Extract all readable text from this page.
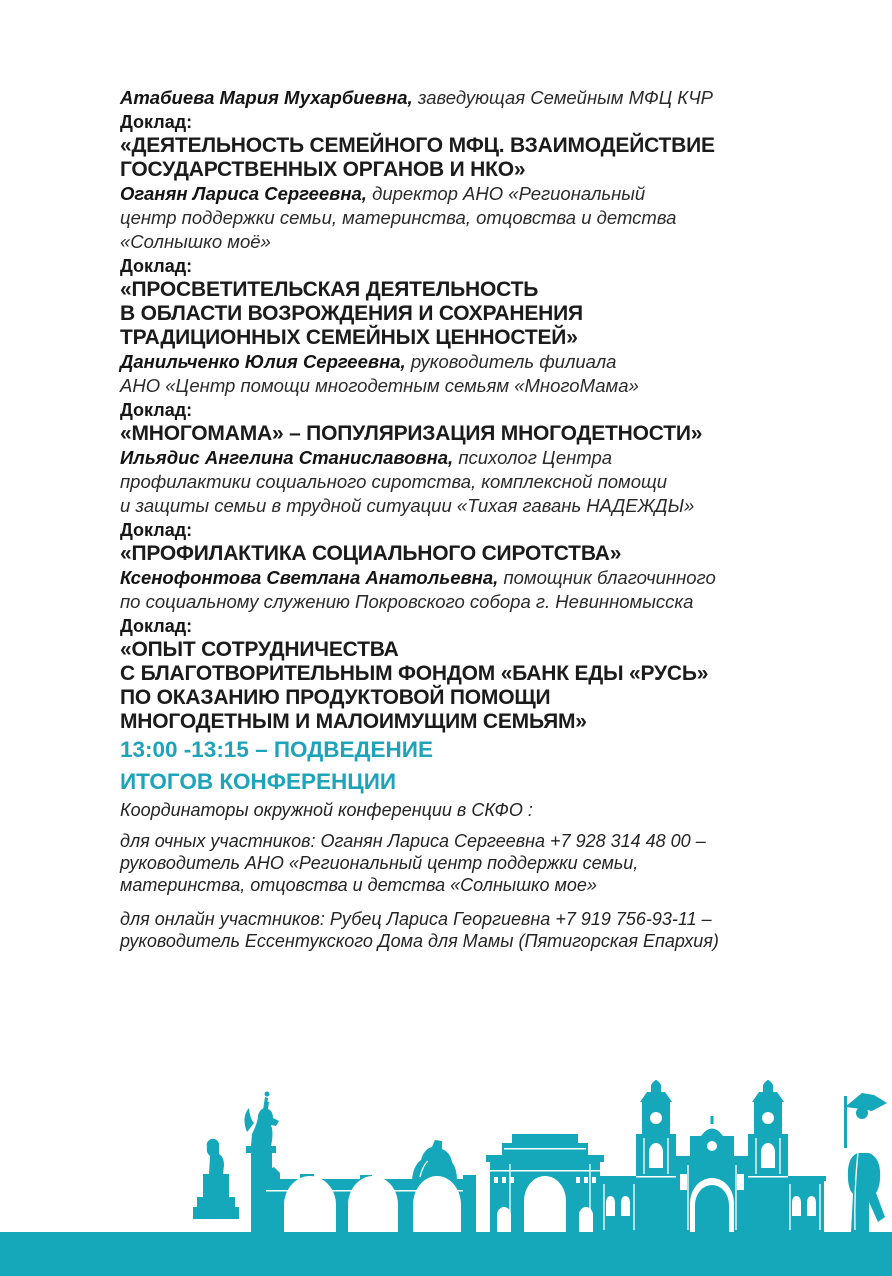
Атабиева Мария Мухарбиевна, заведующая Семейным МФЦ КЧР
Доклад:
«ДЕЯТЕЛЬНОСТЬ СЕМЕЙНОГО МФЦ. ВЗАИМОДЕЙСТВИЕ
ГОСУДАРСТВЕННЫХ ОРГАНОВ И НКО»
Оганян Лариса Сергеевна, директор АНО «Региональный
центр поддержки семьи, материнства, отцовства и детства
«Солнышко моё»
Доклад:
«ПРОСВЕТИТЕЛЬСКАЯ ДЕЯТЕЛЬНОСТЬ
В ОБЛАСТИ ВОЗРОЖДЕНИЯ И СОХРАНЕНИЯ
ТРАДИЦИОННЫХ СЕМЕЙНЫХ ЦЕННОСТЕЙ»
Данильченко Юлия Сергеевна, руководитель филиала
АНО «Центр помощи многодетным семьям «МногоМама»
Доклад:
«МНОГОМАМА» – ПОПУЛЯРИЗАЦИЯ МНОГОДЕТНОСТИ»
Ильядис Ангелина Станиславовна, психолог Центра
профилактики социального сиротства, комплексной помощи
и защиты семьи в трудной ситуации «Тихая гавань НАДЕЖДЫ»
Доклад:
«ПРОФИЛАКТИКА СОЦИАЛЬНОГО СИРОТСТВА»
Ксенофонтова Светлана Анатольевна, помощник благочинного
по социальному служению Покровского собора г. Невинномысска
Доклад:
«ОПЫТ СОТРУДНИЧЕСТВА
С БЛАГОТВОРИТЕЛЬНЫМ ФОНДОМ «БАНК ЕДЫ «РУСЬ»
ПО ОКАЗАНИЮ ПРОДУКТОВОЙ ПОМОЩИ
МНОГОДЕТНЫМ И МАЛОИМУЩИМ СЕМЬЯМ»
13:00 -13:15 – ПОДВЕДЕНИЕ
ИТОГОВ КОНФЕРЕНЦИИ
Координаторы окружной конференции в СКФО :
для очных участников: Оганян Лариса Сергеевна +7 928 314 48 00 –
руководитель АНО «Региональный центр поддержки семьи,
материнства, отцовства и детства «Солнышко мое»
для онлайн участников: Рубец Лариса Георгиевна +7 919 756-93-11 –
руководитель Ессентукского Дома для Мамы (Пятигорская Епархия)
